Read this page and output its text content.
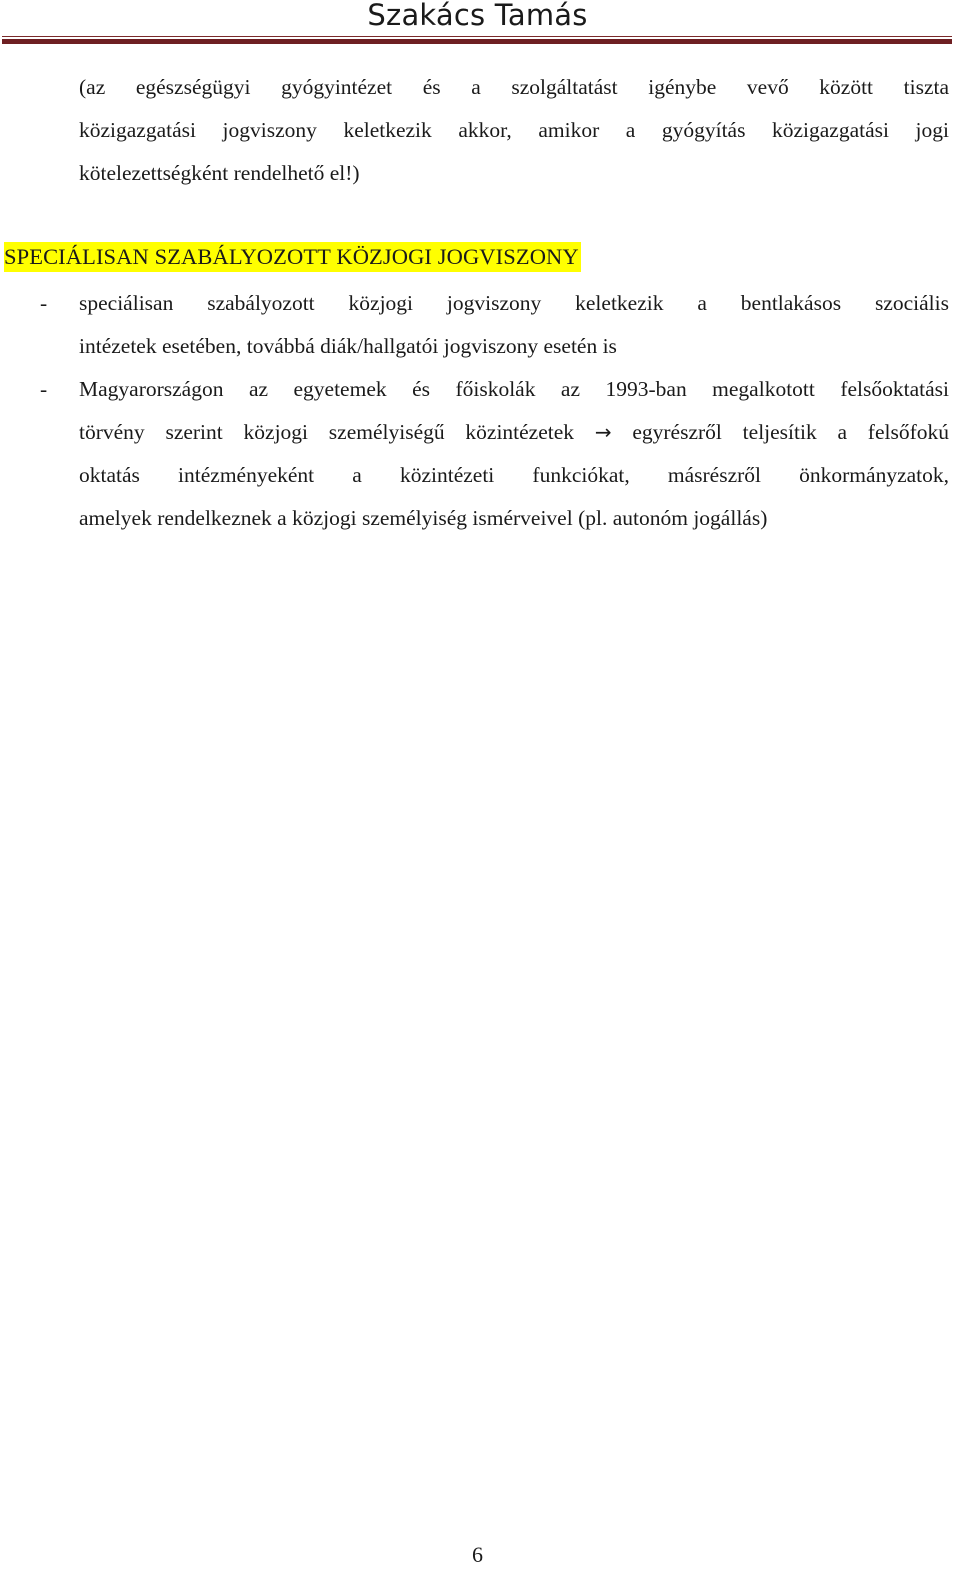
Szakács Tamás
(az egészségügyi gyógyintézet és a szolgáltatást igénybe vevő között tiszta
közigazgatási jogviszony keletkezik akkor, amikor a gyógyítás közigazgatási jogi
kötelezettségként rendelhető el!)
SPECIÁLISAN SZABÁLYOZOTT KÖZJOGI JOGVISZONY
-	speciálisan szabályozott közjogi jogviszony keletkezik a bentlakásos szociális
intézetek esetében, továbbá diák/hallgatói jogviszony esetén is
-	Magyarországon az egyetemek és főiskolák az 1993-ban megalkotott felsőoktatási
törvény szerint közjogi személyiségű közintézetek → egyrészről teljesítik a felsőfokú
oktatás intézményeként a közintézeti funkciókat, másrészről önkormányzatok,
amelyek rendelkeznek a közjogi személyiség ismérveivel (pl. autonóm jogállás)
6
